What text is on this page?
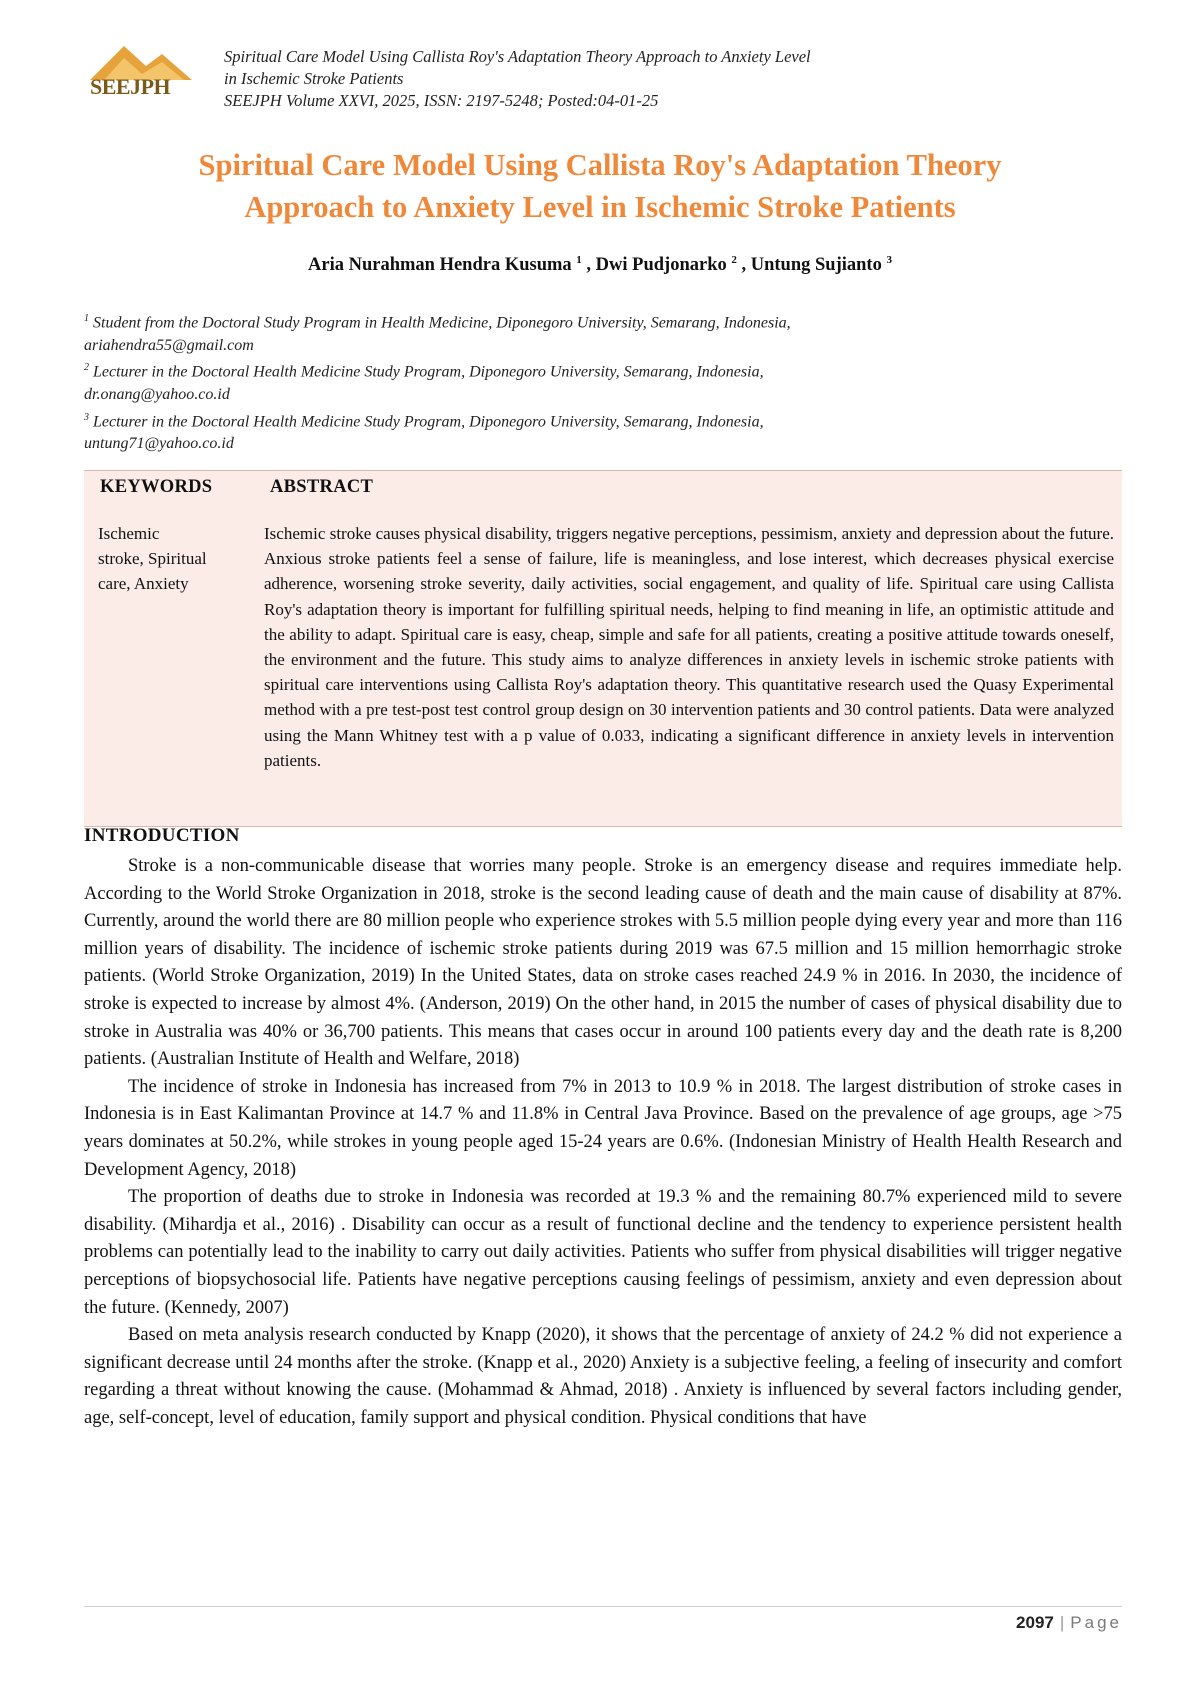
SEEJPH
Spiritual Care Model Using Callista Roy's Adaptation Theory Approach to Anxiety Level
in Ischemic Stroke Patients
SEEJPH Volume XXVI, 2025, ISSN: 2197-5248; Posted:04-01-25
Spiritual Care Model Using Callista Roy's Adaptation Theory
Approach to Anxiety Level in Ischemic Stroke Patients
Aria Nurahman Hendra Kusuma $^1$ , Dwi Pudjonarko $^2$ , Untung Sujianto $^3$
$^1$ Student from the Doctoral Study Program in Health Medicine, Diponegoro University, Semarang, Indonesia,
ariahendra55@gmail.com
$^2$ Lecturer in the Doctoral Health Medicine Study Program, Diponegoro University, Semarang, Indonesia,
dr.onang@yahoo.co.id
$^3$ Lecturer in the Doctoral Health Medicine Study Program, Diponegoro University, Semarang, Indonesia,
untung71@yahoo.co.id
KEYWORDS	ABSTRACT
Ischemic
stroke, Spiritual
care, Anxiety
Ischemic stroke causes physical disability, triggers negative perceptions, pessimism, anxiety and depression about the future. Anxious stroke patients feel a sense of failure, life is meaningless, and lose interest, which decreases physical exercise adherence, worsening stroke severity, daily activities, social engagement, and quality of life. Spiritual care using Callista Roy's adaptation theory is important for fulfilling spiritual needs, helping to find meaning in life, an optimistic attitude and the ability to adapt. Spiritual care is easy, cheap, simple and safe for all patients, creating a positive attitude towards oneself, the environment and the future. This study aims to analyze differences in anxiety levels in ischemic stroke patients with spiritual care interventions using Callista Roy's adaptation theory. This quantitative research used the Quasy Experimental method with a pre test-post test control group design on 30 intervention patients and 30 control patients. Data were analyzed using the Mann Whitney test with a p value of 0.033, indicating a significant difference in anxiety levels in intervention patients.
INTRODUCTION

Stroke is a non-communicable disease that worries many people. Stroke is an emergency disease and requires immediate help. According to the World Stroke Organization in 2018, stroke is the second leading cause of death and the main cause of disability at 87%. Currently, around the world there are 80 million people who experience strokes with 5.5 million people dying every year and more than 116 million years of disability. The incidence of ischemic stroke patients during 2019 was 67.5 million and 15 million hemorrhagic stroke patients. (World Stroke Organization, 2019) In the United States, data on stroke cases reached 24.9 % in 2016. In 2030, the incidence of stroke is expected to increase by almost 4%. (Anderson, 2019) On the other hand, in 2015 the number of cases of physical disability due to stroke in Australia was 40% or 36,700 patients. This means that cases occur in around 100 patients every day and the death rate is 8,200 patients. (Australian Institute of Health and Welfare, 2018)

The incidence of stroke in Indonesia has increased from 7% in 2013 to 10.9 % in 2018. The largest distribution of stroke cases in Indonesia is in East Kalimantan Province at 14.7 % and 11.8% in Central Java Province. Based on the prevalence of age groups, age >75 years dominates at 50.2%, while strokes in young people aged 15-24 years are 0.6%. (Indonesian Ministry of Health Health Research and Development Agency, 2018)

The proportion of deaths due to stroke in Indonesia was recorded at 19.3 % and the remaining 80.7% experienced mild to severe disability. (Mihardja et al., 2016) . Disability can occur as a result of functional decline and the tendency to experience persistent health problems can potentially lead to the inability to carry out daily activities. Patients who suffer from physical disabilities will trigger negative perceptions of biopsychosocial life. Patients have negative perceptions causing feelings of pessimism, anxiety and even depression about the future. (Kennedy, 2007)

Based on meta analysis research conducted by Knapp (2020), it shows that the percentage of anxiety of 24.2 % did not experience a significant decrease until 24 months after the stroke. (Knapp et al., 2020) Anxiety is a subjective feeling, a feeling of insecurity and comfort regarding a threat without knowing the cause. (Mohammad & Ahmad, 2018) . Anxiety is influenced by several factors including gender, age, self-concept, level of education, family support and physical condition. Physical conditions that have

2097 | Page
